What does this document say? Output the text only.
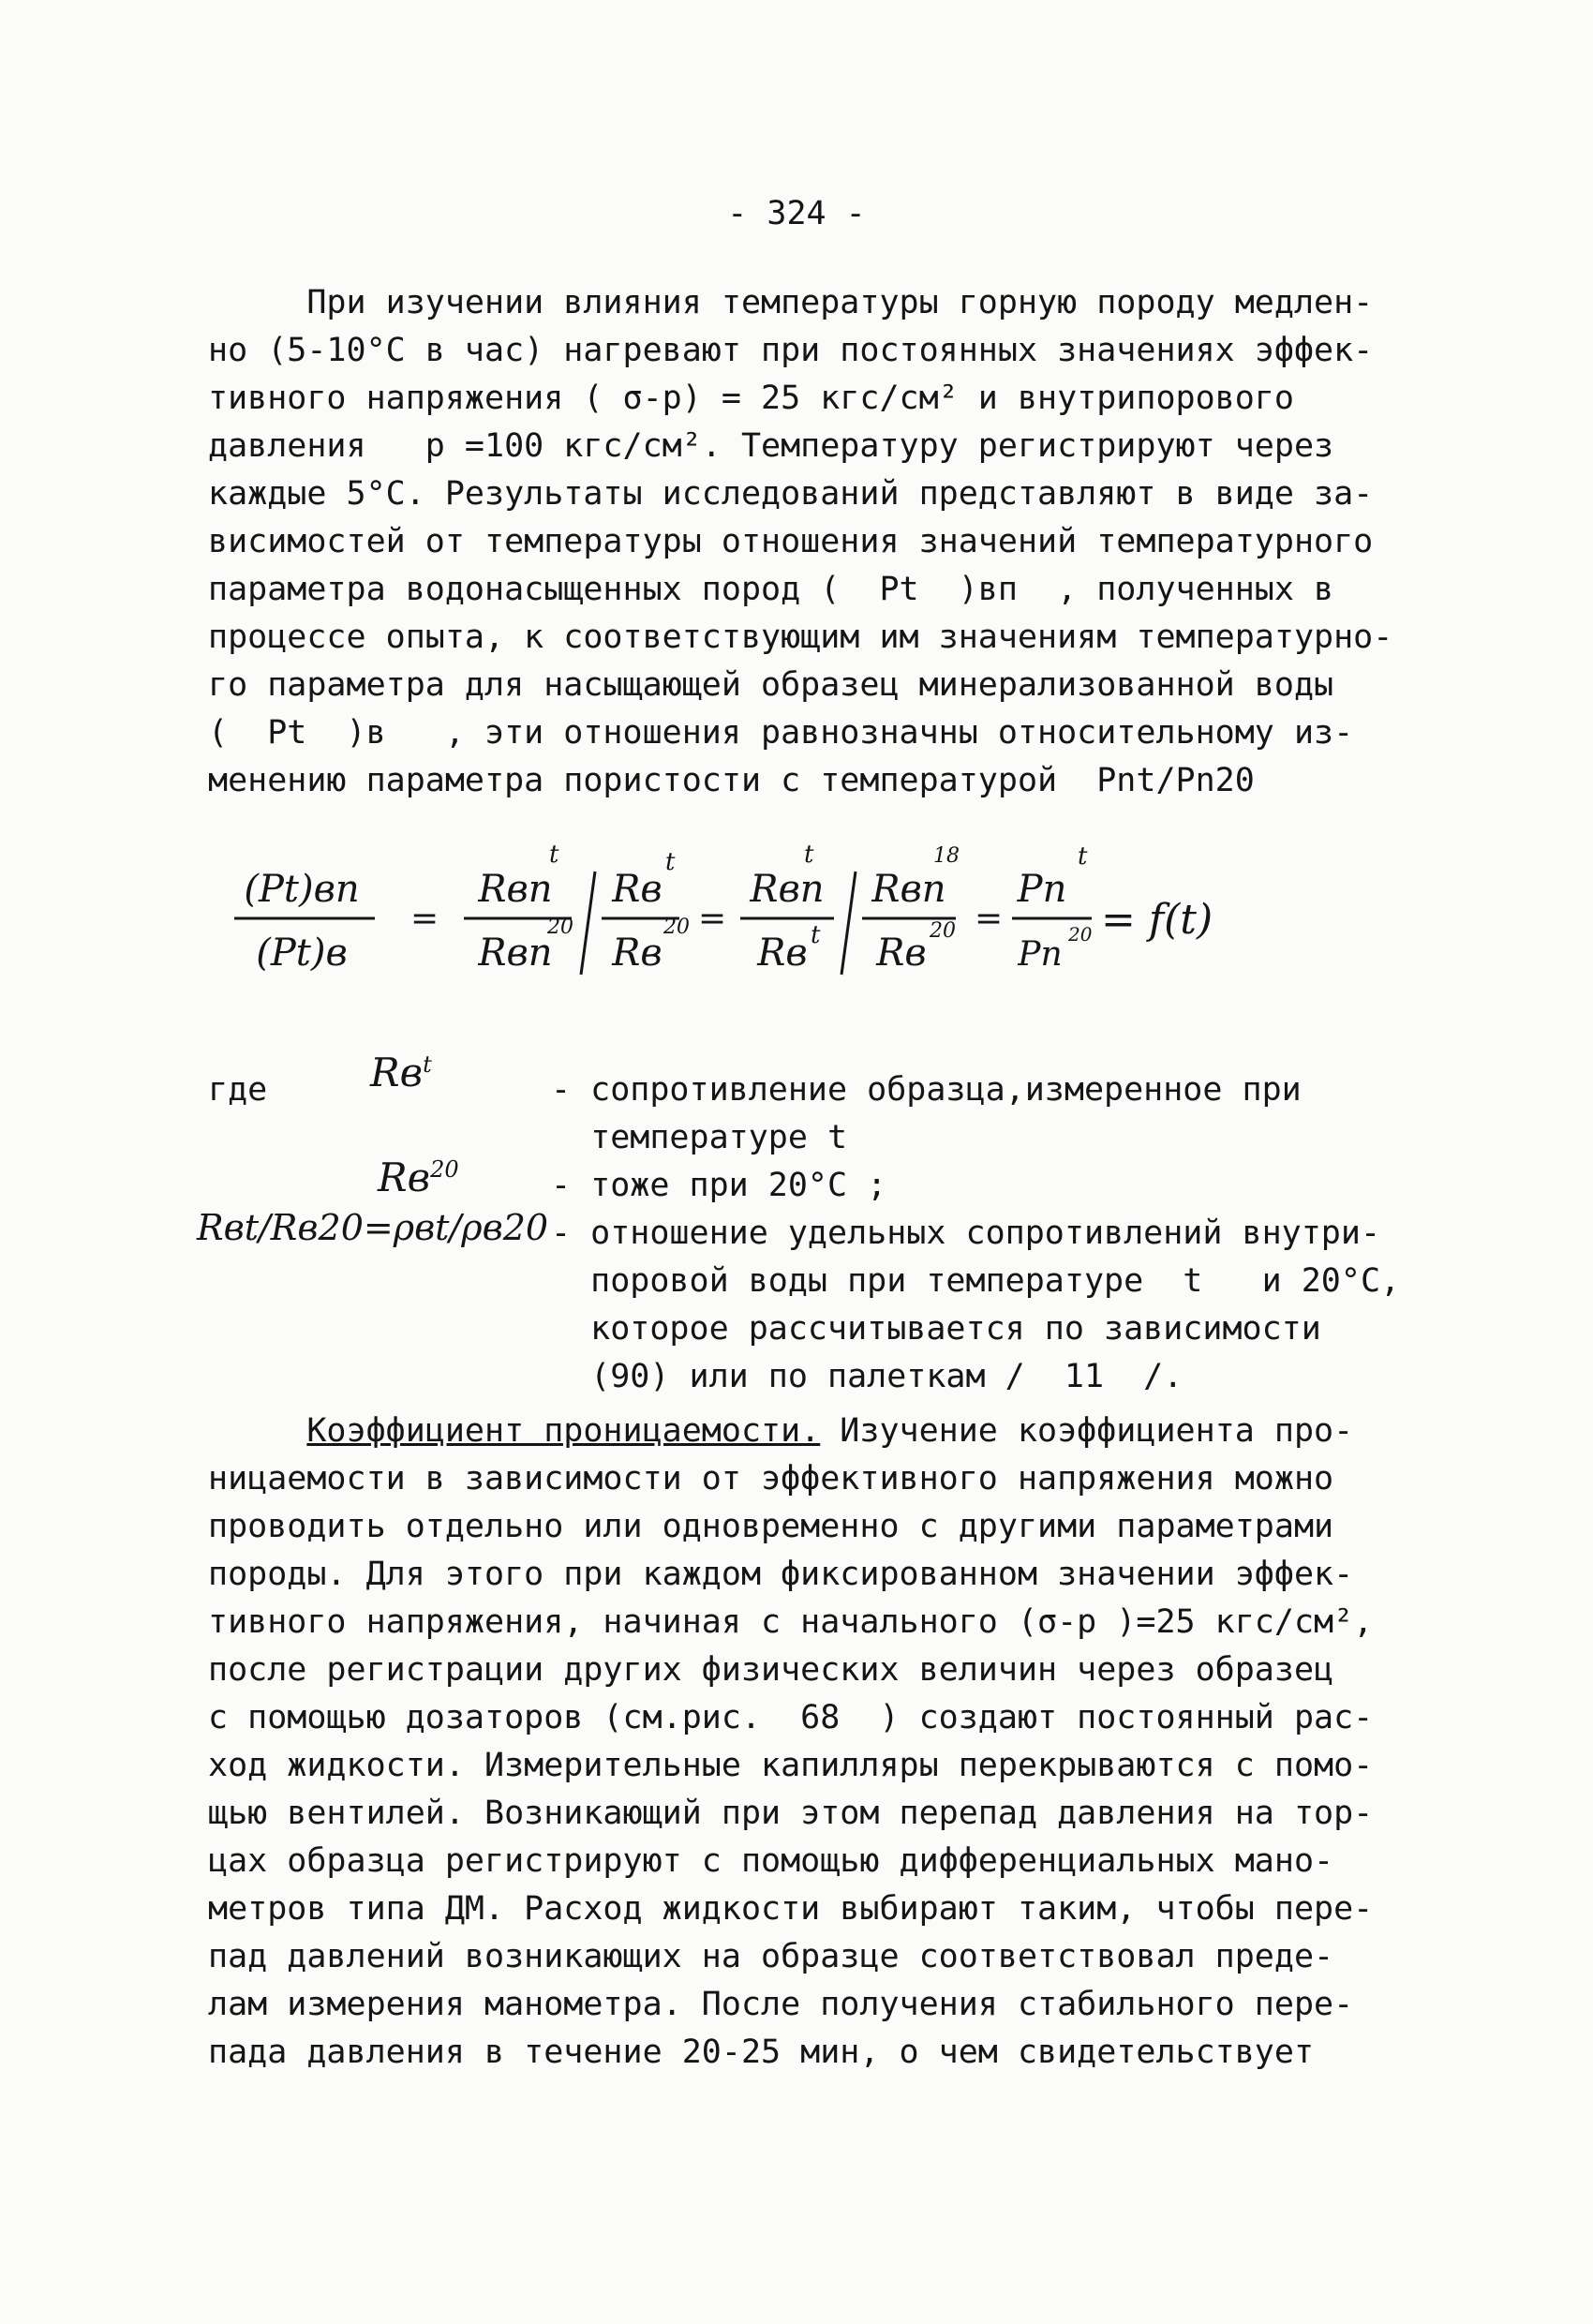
- 324 -
При изучении влияния температуры горную породу медлен-
но (5-10°С в час) нагревают при постоянных значениях эффек-
тивного напряжения ( σ-p) = 25 кгс/см² и внутрипорового
давления   p =100 кгс/см². Температуру регистрируют через
каждые 5°С. Результаты исследований представляют в виде за-
висимостей от температуры отношения значений температурного
параметра водонасыщенных пород (  Pt  )вп  , полученных в
процессе опыта, к соответствующим им значениям температурно-
го параметра для насыщающей образец минерализованной воды
(  Pt  )в   , эти отношения равнозначны относительному из-
менению параметра пористости с температурой  Pnt/Pn20
(Pt)вп
(Pt)в
=
Rвп
t
Rвп
20
Rв
t
Rв
20 =
Rвп
t
Rв t
Rвп
18
Rв
20 =
Pn
t
Pn
20 = f(t)
где	$Rв^t$
- сопротивление образца,измеренное при
температуре t
$Rв^{20}$	- тоже при 20°С ;
Rвt/Rв20=ρвt/ρв20 - отношение удельных сопротивлений внутри-
поровой воды при температуре  t   и 20°С,
которое рассчитывается по зависимости
(90) или по палеткам /  11  /.
Коэффициент проницаемости. Изучение коэффициента про-
ницаемости в зависимости от эффективного напряжения можно
проводить отдельно или одновременно с другими параметрами
породы. Для этого при каждом фиксированном значении эффек-
тивного напряжения, начиная с начального (σ-p )=25 кгс/см²,
после регистрации других физических величин через образец
с помощью дозаторов (см.рис.  68  ) создают постоянный рас-
ход жидкости. Измерительные капилляры перекрываются с помо-
щью вентилей. Возникающий при этом перепад давления на тор-
цах образца регистрируют с помощью дифференциальных мано-
метров типа ДМ. Расход жидкости выбирают таким, чтобы пере-
пад давлений возникающих на образце соответствовал преде-
лам измерения манометра. После получения стабильного пере-
пада давления в течение 20-25 мин, о чем свидетельствует
